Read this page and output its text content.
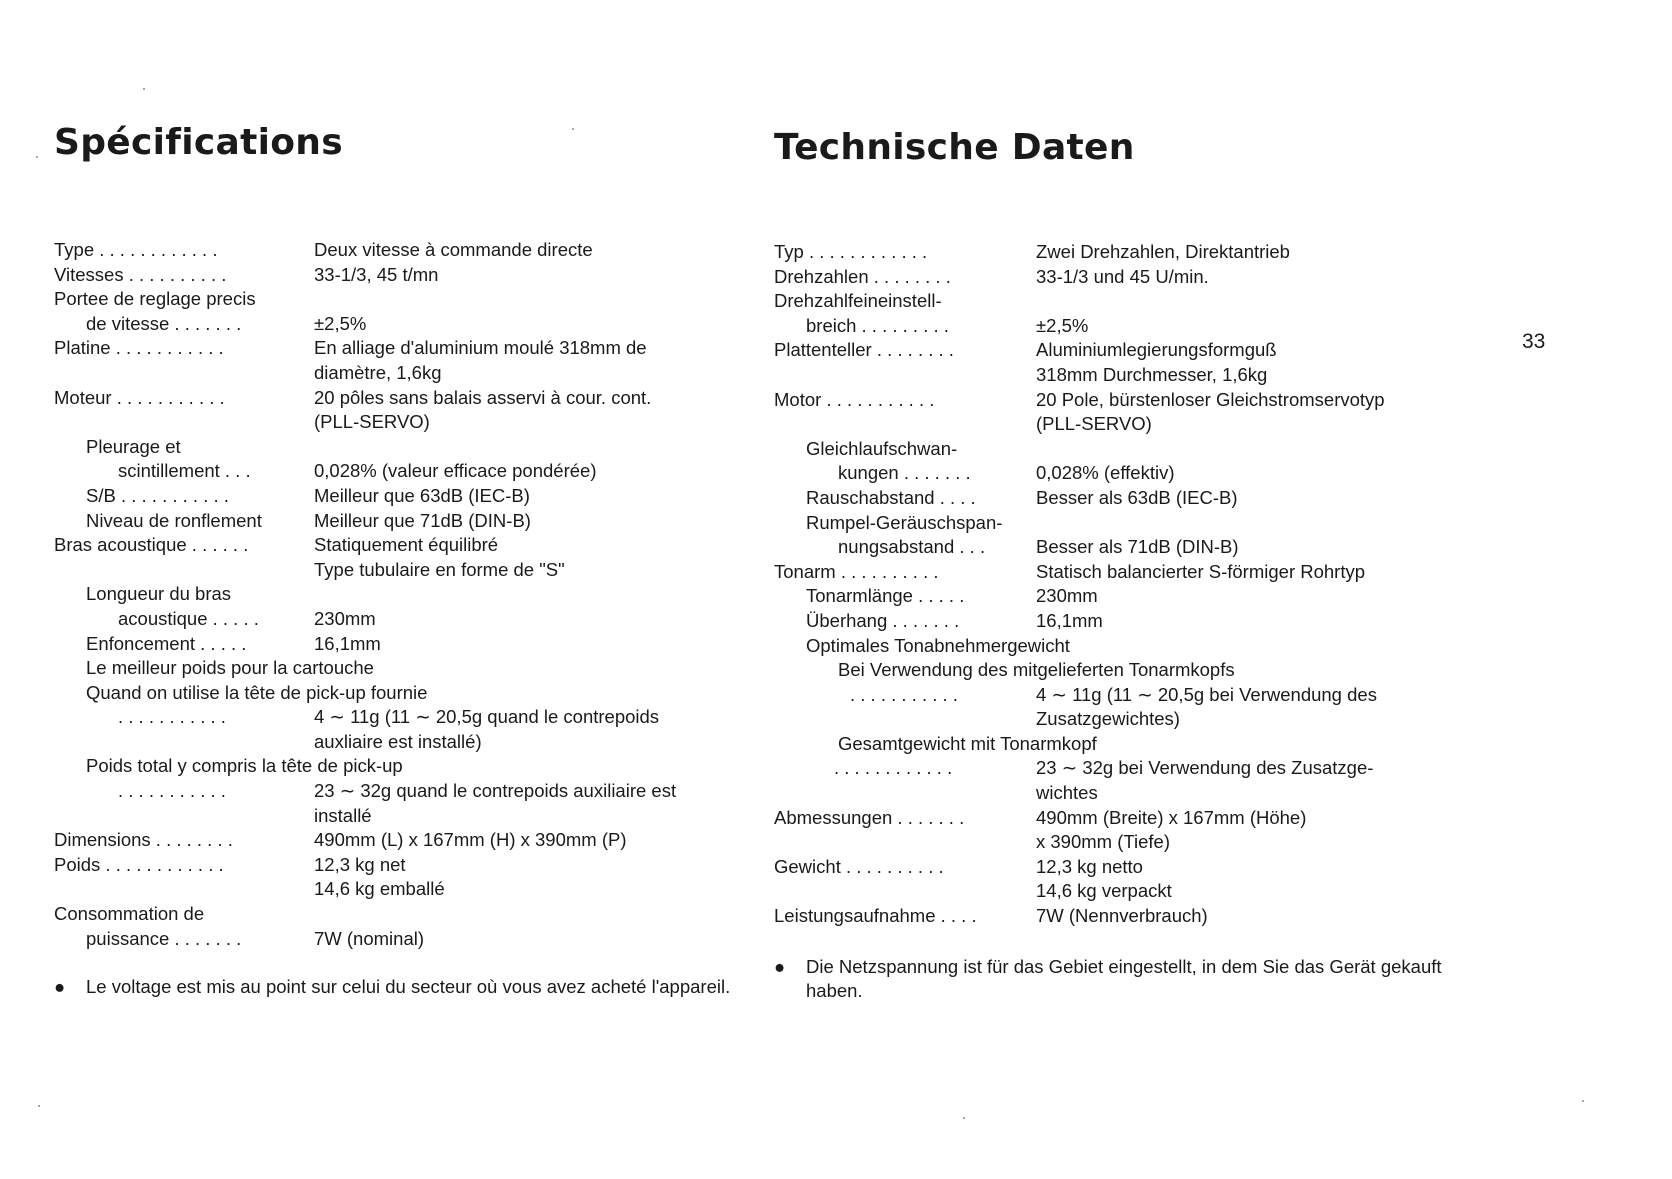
Spécifications
Type . . . . . . . . . . . .	Deux vitesse à commande directe
Vitesses . . . . . . . . . .	33-1/3, 45 t/mn
Portee de reglage precis
de vitesse . . . . . . .	±2,5%
Platine . . . . . . . . . . .	En alliage d'aluminium moulé 318mm de
diamètre, 1,6kg
Moteur . . . . . . . . . . .	20 pôles sans balais asservi à cour. cont.
(PLL-SERVO)
Pleurage et
scintillement . . .	0,028% (valeur efficace pondérée)
S/B . . . . . . . . . . .	Meilleur que 63dB (IEC-B)
Niveau de ronflement	Meilleur que 71dB (DIN-B)
Bras acoustique . . . . . .	Statiquement équilibré
Type tubulaire en forme de "S"
Longueur du bras
acoustique . . . . .	230mm
Enfoncement . . . . .	16,1mm
Le meilleur poids pour la cartouche
Quand on utilise la tête de pick-up fournie
. . . . . . . . . . .	4 ∼ 11g (11 ∼ 20,5g quand le contrepoids
auxliaire est installé)
Poids total y compris la tête de pick-up
. . . . . . . . . . .	23 ∼ 32g quand le contrepoids auxiliaire est
installé
Dimensions . . . . . . . .	490mm (L) x 167mm (H) x 390mm (P)
Poids . . . . . . . . . . . .	12,3 kg net
14,6 kg emballé
Consommation de
puissance . . . . . . .	7W (nominal)
● Le voltage est mis au point sur celui du secteur où vous avez acheté l'appareil.
Technische Daten
Typ . . . . . . . . . . . .	Zwei Drehzahlen, Direktantrieb
Drehzahlen . . . . . . . .	33-1/3 und 45 U/min.
Drehzahlfeineinstell-
breich . . . . . . . . .	±2,5%
Plattenteller . . . . . . . .	Aluminiumlegierungsformguß
318mm Durchmesser, 1,6kg
Motor . . . . . . . . . . .	20 Pole, bürstenloser Gleichstromservotyp
(PLL-SERVO)
Gleichlaufschwan-
kungen . . . . . . .	0,028% (effektiv)
Rauschabstand . . . .	Besser als 63dB (IEC-B)
Rumpel-Geräuschspan-
nungsabstand . . .	Besser als 71dB (DIN-B)
Tonarm . . . . . . . . . .	Statisch balancierter S-förmiger Rohrtyp
Tonarmlänge . . . . .	230mm
Überhang . . . . . . .	16,1mm
Optimales Tonabnehmergewicht
Bei Verwendung des mitgelieferten Tonarmkopfs
. . . . . . . . . . .	4 ∼ 11g (11 ∼ 20,5g bei Verwendung des
Zusatzgewichtes)
Gesamtgewicht mit Tonarmkopf
. . . . . . . . . . . .	23 ∼ 32g bei Verwendung des Zusatzge-
wichtes
Abmessungen . . . . . . .	490mm (Breite) x 167mm (Höhe)
x 390mm (Tiefe)
Gewicht . . . . . . . . . .	12,3 kg netto
14,6 kg verpackt
Leistungsaufnahme . . . .	7W (Nennverbrauch)
● Die Netzspannung ist für das Gebiet eingestellt, in dem Sie das Gerät gekauft haben.
33
